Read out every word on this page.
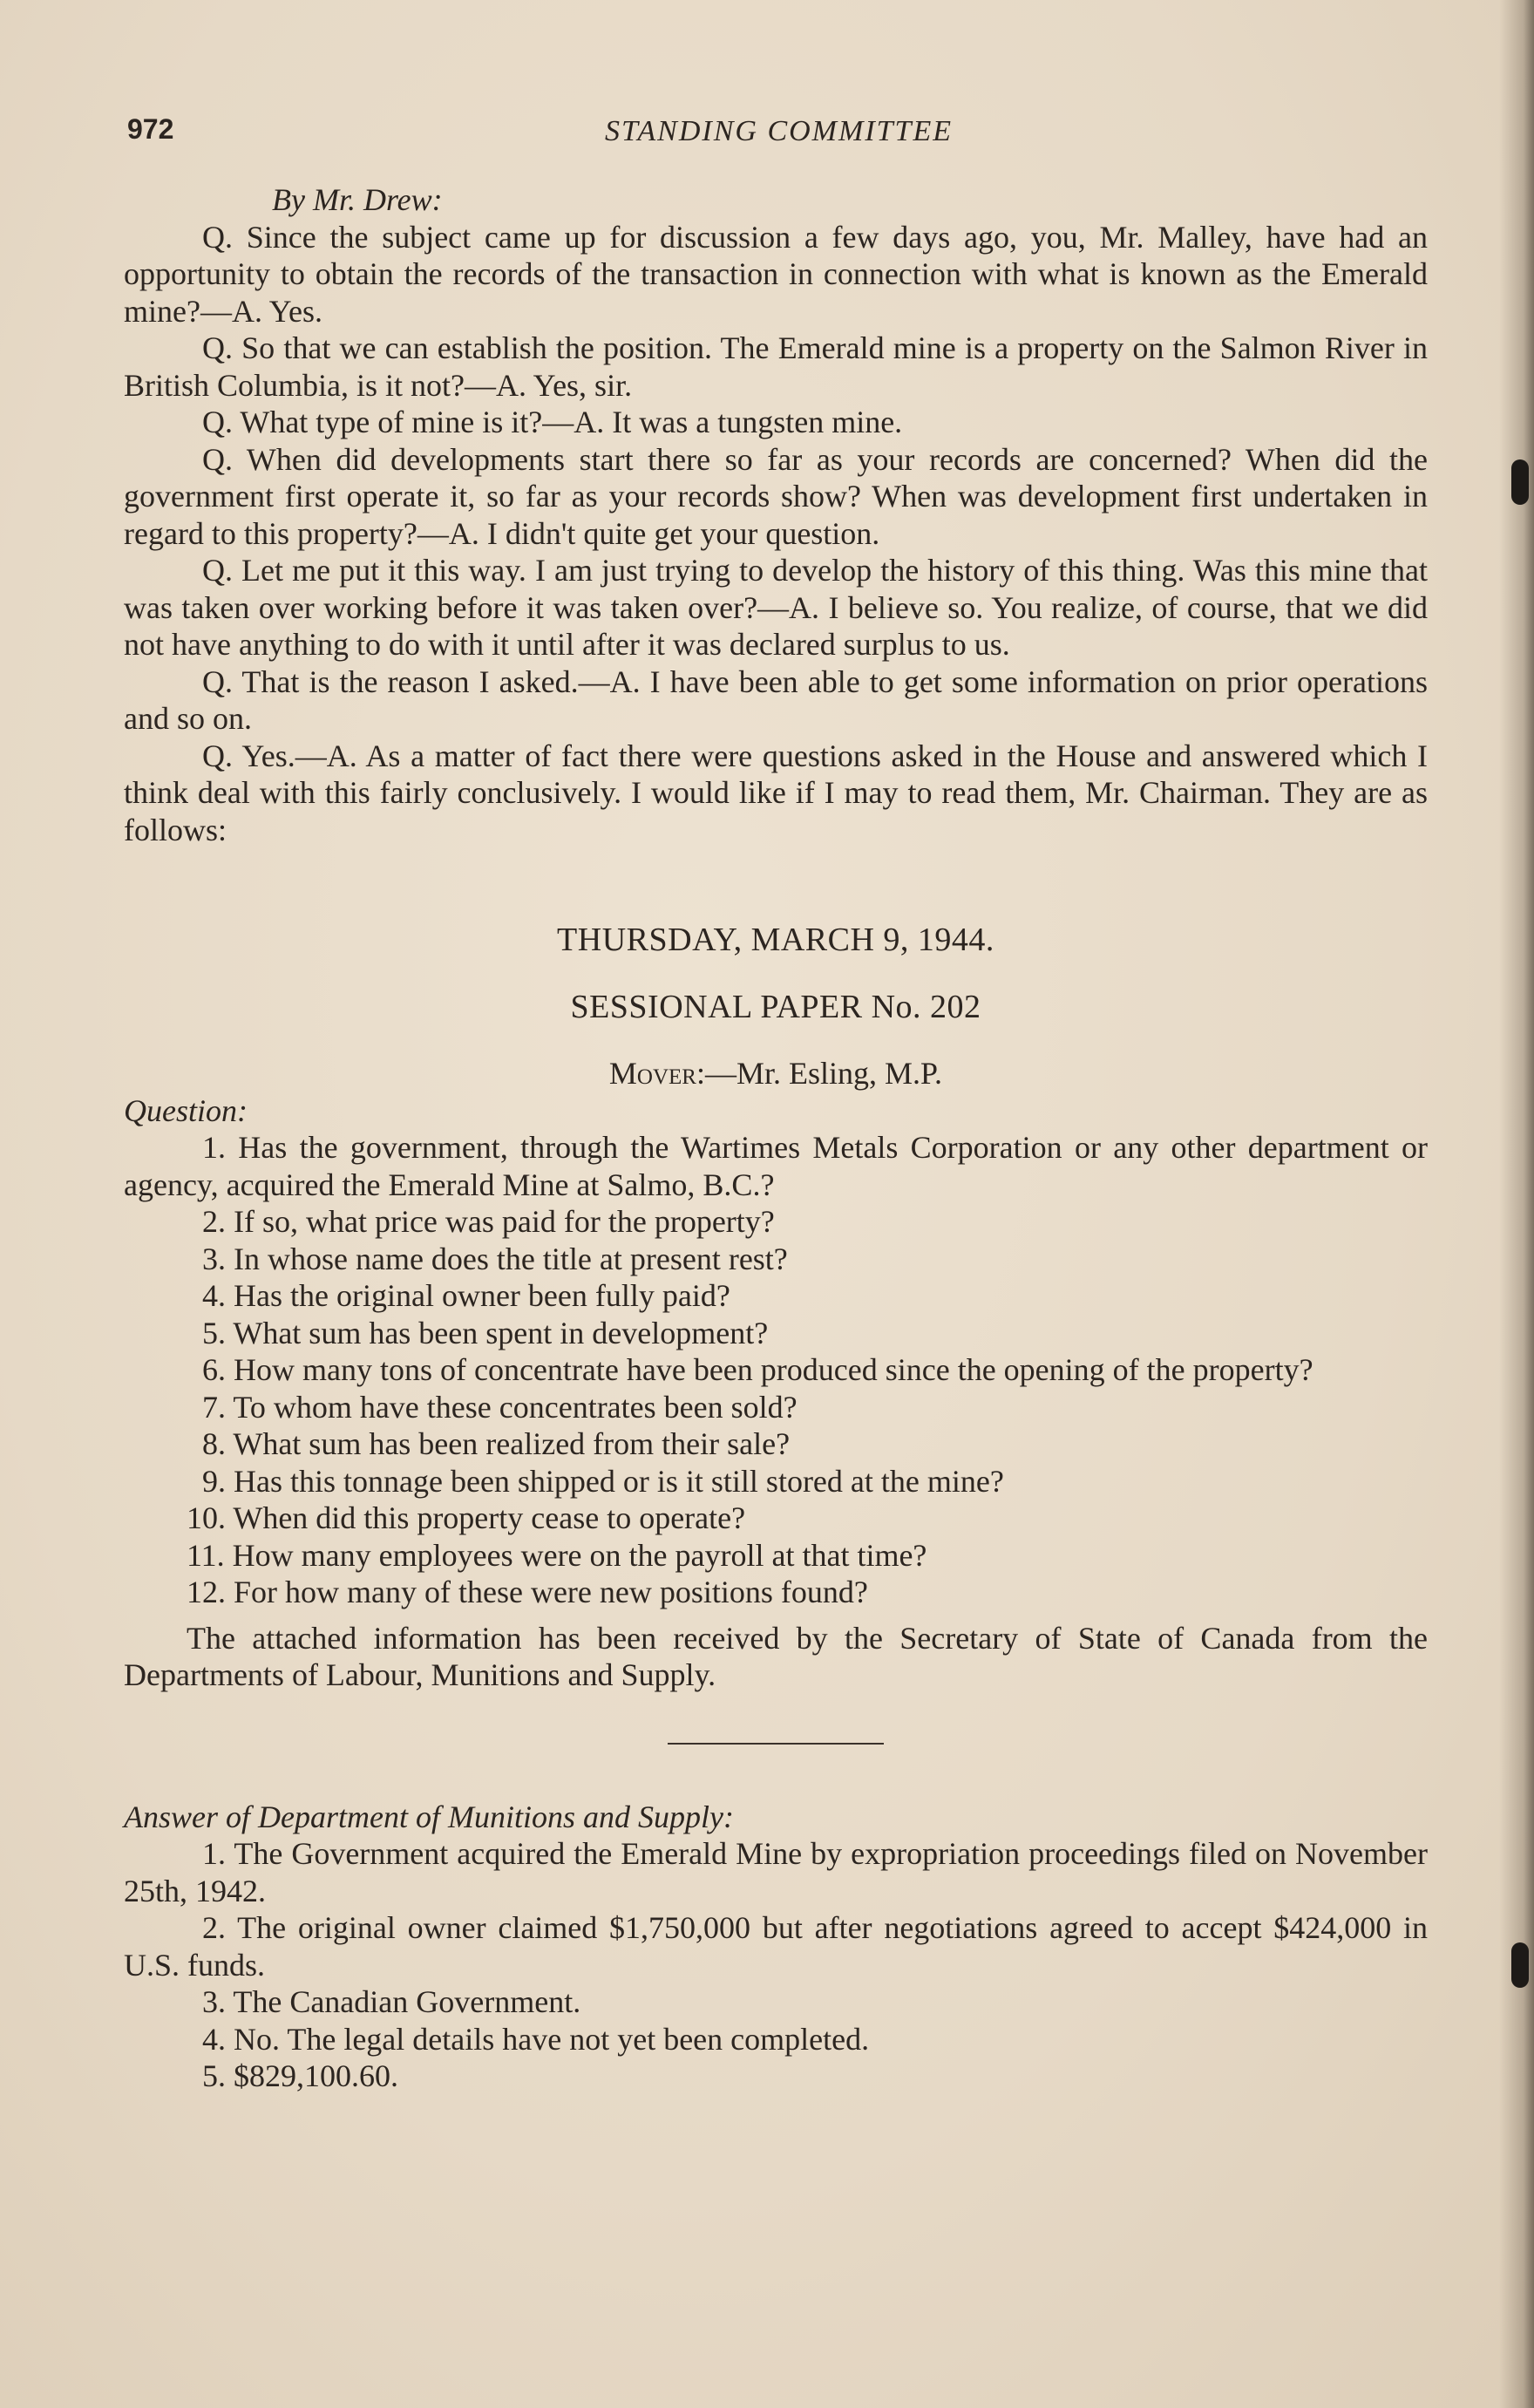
972	STANDING COMMITTEE

By Mr. Drew:

Q. Since the subject came up for discussion a few days ago, you, Mr. Malley, have had an opportunity to obtain the records of the transaction in connection with what is known as the Emerald mine?—A. Yes.

Q. So that we can establish the position. The Emerald mine is a property on the Salmon River in British Columbia, is it not?—A. Yes, sir.

Q. What type of mine is it?—A. It was a tungsten mine.

Q. When did developments start there so far as your records are concerned? When did the government first operate it, so far as your records show? When was development first undertaken in regard to this property?—A. I didn't quite get your question.

Q. Let me put it this way. I am just trying to develop the history of this thing. Was this mine that was taken over working before it was taken over?—A. I believe so. You realize, of course, that we did not have anything to do with it until after it was declared surplus to us.

Q. That is the reason I asked.—A. I have been able to get some information on prior operations and so on.

Q. Yes.—A. As a matter of fact there were questions asked in the House and answered which I think deal with this fairly conclusively. I would like if I may to read them, Mr. Chairman. They are as follows:

THURSDAY, MARCH 9, 1944.

SESSIONAL PAPER No. 202

Mover:—Mr. Esling, M.P.

Question:

1. Has the government, through the Wartimes Metals Corporation or any other department or agency, acquired the Emerald Mine at Salmo, B.C.?
2. If so, what price was paid for the property?
3. In whose name does the title at present rest?
4. Has the original owner been fully paid?
5. What sum has been spent in development?
6. How many tons of concentrate have been produced since the opening of the property?
7. To whom have these concentrates been sold?
8. What sum has been realized from their sale?
9. Has this tonnage been shipped or is it still stored at the mine?
10. When did this property cease to operate?
11. How many employees were on the payroll at that time?
12. For how many of these were new positions found?

The attached information has been received by the Secretary of State of Canada from the Departments of Labour, Munitions and Supply.

Answer of Department of Munitions and Supply:

1. The Government acquired the Emerald Mine by expropriation proceedings filed on November 25th, 1942.
2. The original owner claimed $1,750,000 but after negotiations agreed to accept $424,000 in U.S. funds.
3. The Canadian Government.
4. No. The legal details have not yet been completed.
5. $829,100.60.
